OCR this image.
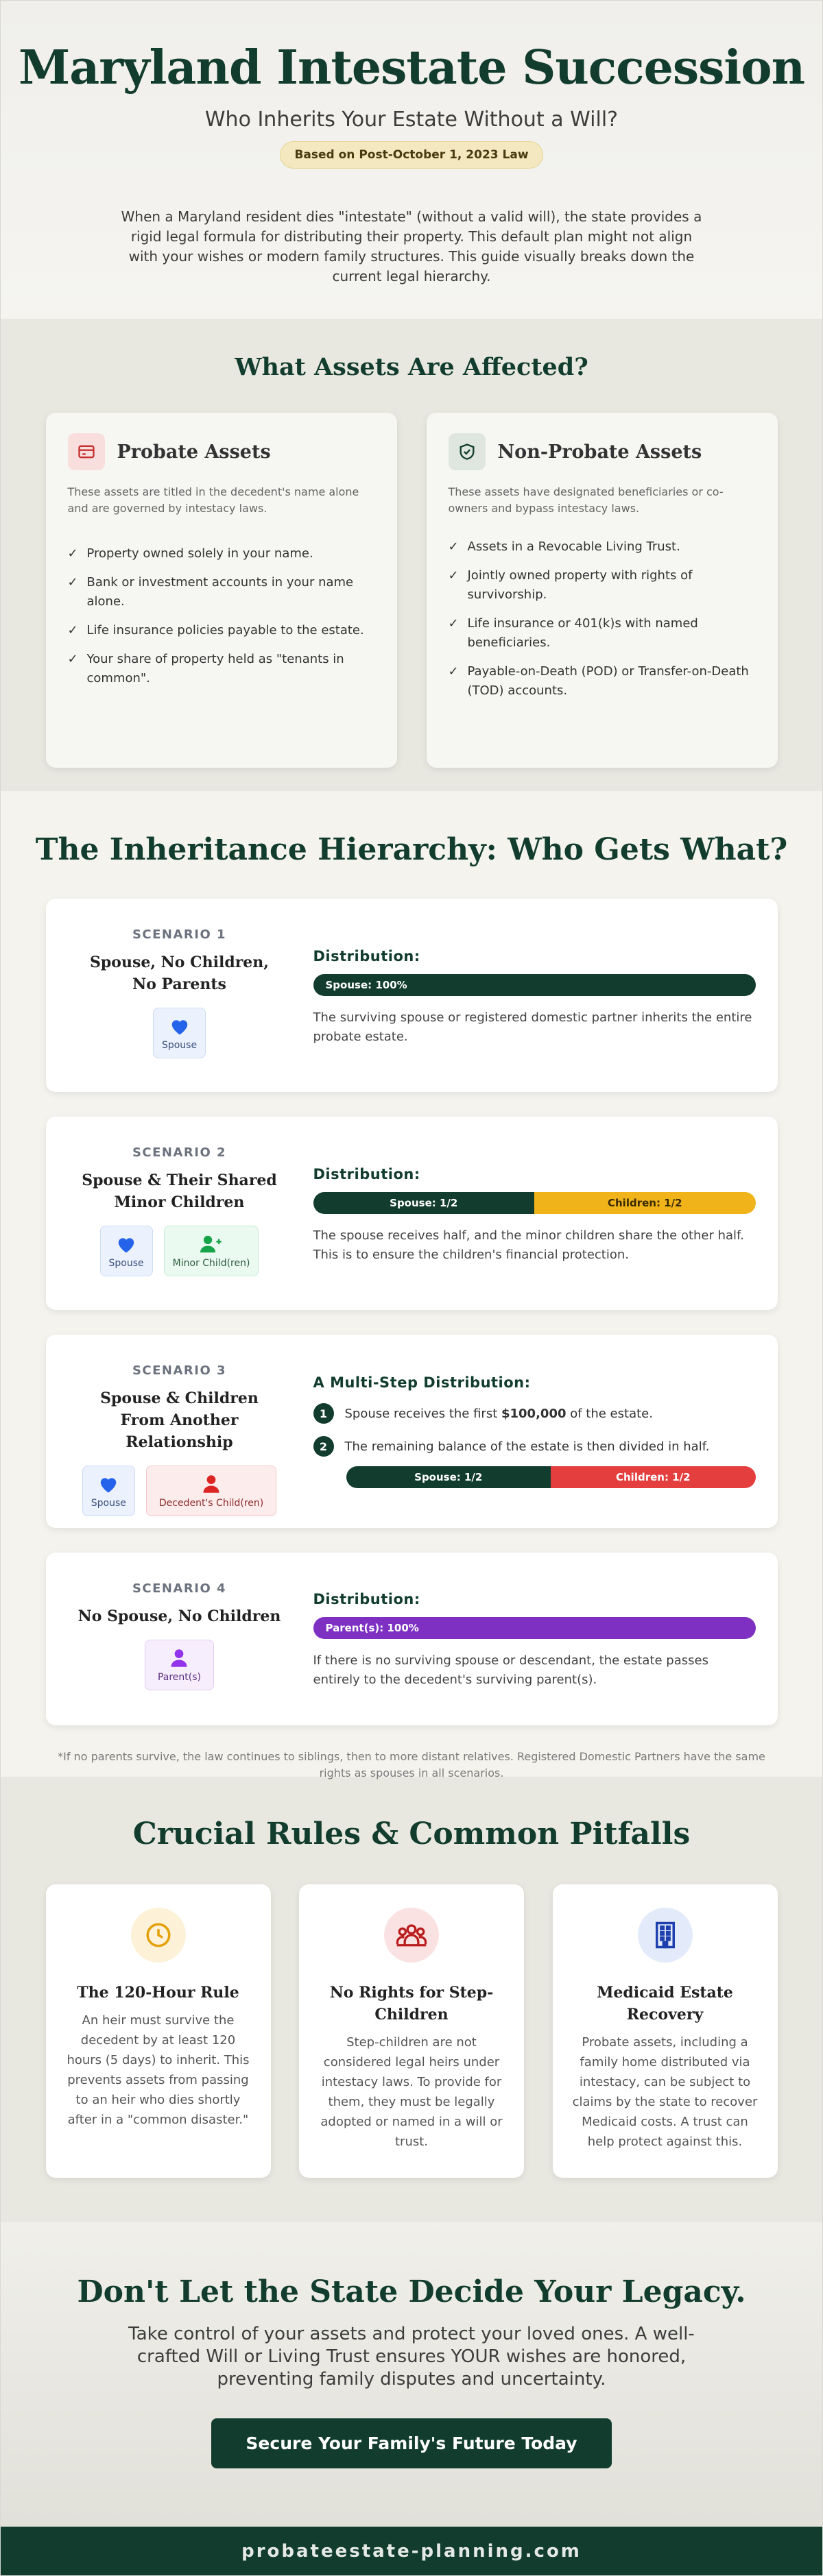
Maryland Intestate Succession
Who Inherits Your Estate Without a Will?
Based on Post-October 1, 2023 Law

When a Maryland resident dies "intestate" (without a valid will), the state provides a rigid legal formula for distributing their property. This default plan might not align with your wishes or modern family structures. This guide visually breaks down the current legal hierarchy.

What Assets Are Affected?
Probate Assets

These assets are titled in the decedent's name alone and are governed by intestacy laws.

✓ Property owned solely in your name.
✓ Bank or investment accounts in your name alone.
✓ Life insurance policies payable to the estate.
✓ Your share of property held as "tenants in common".
Non-Probate Assets

These assets have designated beneficiaries or co-owners and bypass intestacy laws.

✓ Assets in a Revocable Living Trust.
✓ Jointly owned property with rights of survivorship.
✓ Life insurance or 401(k)s with named beneficiaries.
✓ Payable-on-Death (POD) or Transfer-on-Death (TOD) accounts.
The Inheritance Hierarchy: Who Gets What?
SCENARIO 1
Spouse, No Children, No Parents
Spouse
Distribution:
Spouse: 100%

The surviving spouse or registered domestic partner inherits the entire probate estate.

SCENARIO 2
Spouse & Their Shared Minor Children
Spouse	Minor Child(ren)
Distribution:
Spouse: 1/2	Children: 1/2

The spouse receives half, and the minor children share the other half. This is to ensure the children's financial protection.

SCENARIO 3
Spouse & Children From Another Relationship
Spouse	Decedent's Child(ren)
A Multi-Step Distribution:
1	Spouse receives the first $100,000 of the estate.
2	The remaining balance of the estate is then divided in half.
Spouse: 1/2	Children: 1/2
SCENARIO 4
No Spouse, No Children
Parent(s)
Distribution:
Parent(s): 100%

If there is no surviving spouse or descendant, the estate passes entirely to the decedent's surviving parent(s).

*If no parents survive, the law continues to siblings, then to more distant relatives. Registered Domestic Partners have the same rights as spouses in all scenarios.

Crucial Rules & Common Pitfalls
The 120-Hour Rule

An heir must survive the decedent by at least 120 hours (5 days) to inherit. This prevents assets from passing to an heir who dies shortly after in a "common disaster."

No Rights for Step-Children

Step-children are not considered legal heirs under intestacy laws. To provide for them, they must be legally adopted or named in a will or trust.

Medicaid Estate Recovery

Probate assets, including a family home distributed via intestacy, can be subject to claims by the state to recover Medicaid costs. A trust can help protect against this.

Don't Let the State Decide Your Legacy.

Take control of your assets and protect your loved ones. A well-crafted Will or Living Trust ensures YOUR wishes are honored, preventing family disputes and uncertainty.

Secure Your Family's Future Today
probateestate-planning.com
